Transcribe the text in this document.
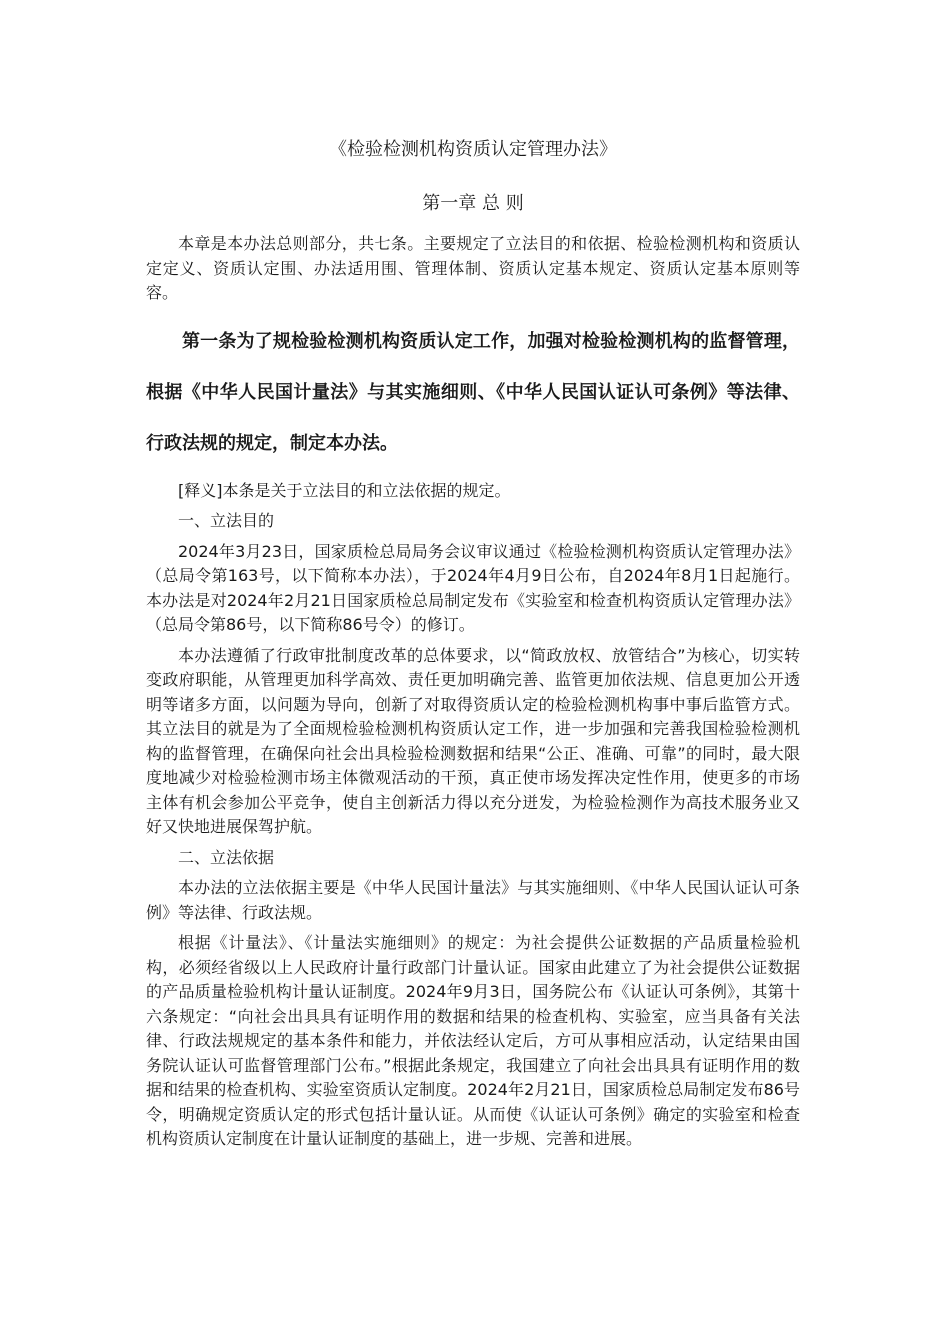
《检验检测机构资质认定管理办法》
第一章 总 则

本章是本办法总则部分，共七条。主要规定了立法目的和依据、检验检测机构和资质认定定义、资质认定围、办法适用围、管理体制、资质认定基本规定、资质认定基本原则等容。

第一条为了规检验检测机构资质认定工作，加强对检验检测机构的监督管理，根据《中华人民国计量法》与其实施细则、《中华人民国认证认可条例》等法律、行政法规的规定，制定本办法。

[释义]本条是关于立法目的和立法依据的规定。

一、立法目的

2024年3月23日，国家质检总局局务会议审议通过《检验检测机构资质认定管理办法》（总局令第163号，以下简称本办法），于2024年4月9日公布，自2024年8月1日起施行。本办法是对2024年2月21日国家质检总局制定发布《实验室和检查机构资质认定管理办法》（总局令第86号，以下简称86号令）的修订。

本办法遵循了行政审批制度改革的总体要求，以“简政放权、放管结合”为核心，切实转变政府职能，从管理更加科学高效、责任更加明确完善、监管更加依法规、信息更加公开透明等诸多方面，以问题为导向，创新了对取得资质认定的检验检测机构事中事后监管方式。其立法目的就是为了全面规检验检测机构资质认定工作，进一步加强和完善我国检验检测机构的监督管理，在确保向社会出具检验检测数据和结果“公正、准确、可靠”的同时，最大限度地减少对检验检测市场主体微观活动的干预，真正使市场发挥决定性作用，使更多的市场主体有机会参加公平竞争，使自主创新活力得以充分迸发，为检验检测作为高技术服务业又好又快地进展保驾护航。

二、立法依据

本办法的立法依据主要是《中华人民国计量法》与其实施细则、《中华人民国认证认可条例》等法律、行政法规。

根据《计量法》、《计量法实施细则》的规定：为社会提供公证数据的产品质量检验机构，必须经省级以上人民政府计量行政部门计量认证。国家由此建立了为社会提供公证数据的产品质量检验机构计量认证制度。2024年9月3日，国务院公布《认证认可条例》，其第十六条规定：“向社会出具具有证明作用的数据和结果的检查机构、实验室，应当具备有关法律、行政法规规定的基本条件和能力，并依法经认定后，方可从事相应活动，认定结果由国务院认证认可监督管理部门公布。”根据此条规定，我国建立了向社会出具具有证明作用的数据和结果的检查机构、实验室资质认定制度。2024年2月21日，国家质检总局制定发布86号令，明确规定资质认定的形式包括计量认证。从而使《认证认可条例》确定的实验室和检查机构资质认定制度在计量认证制度的基础上，进一步规、完善和进展。
